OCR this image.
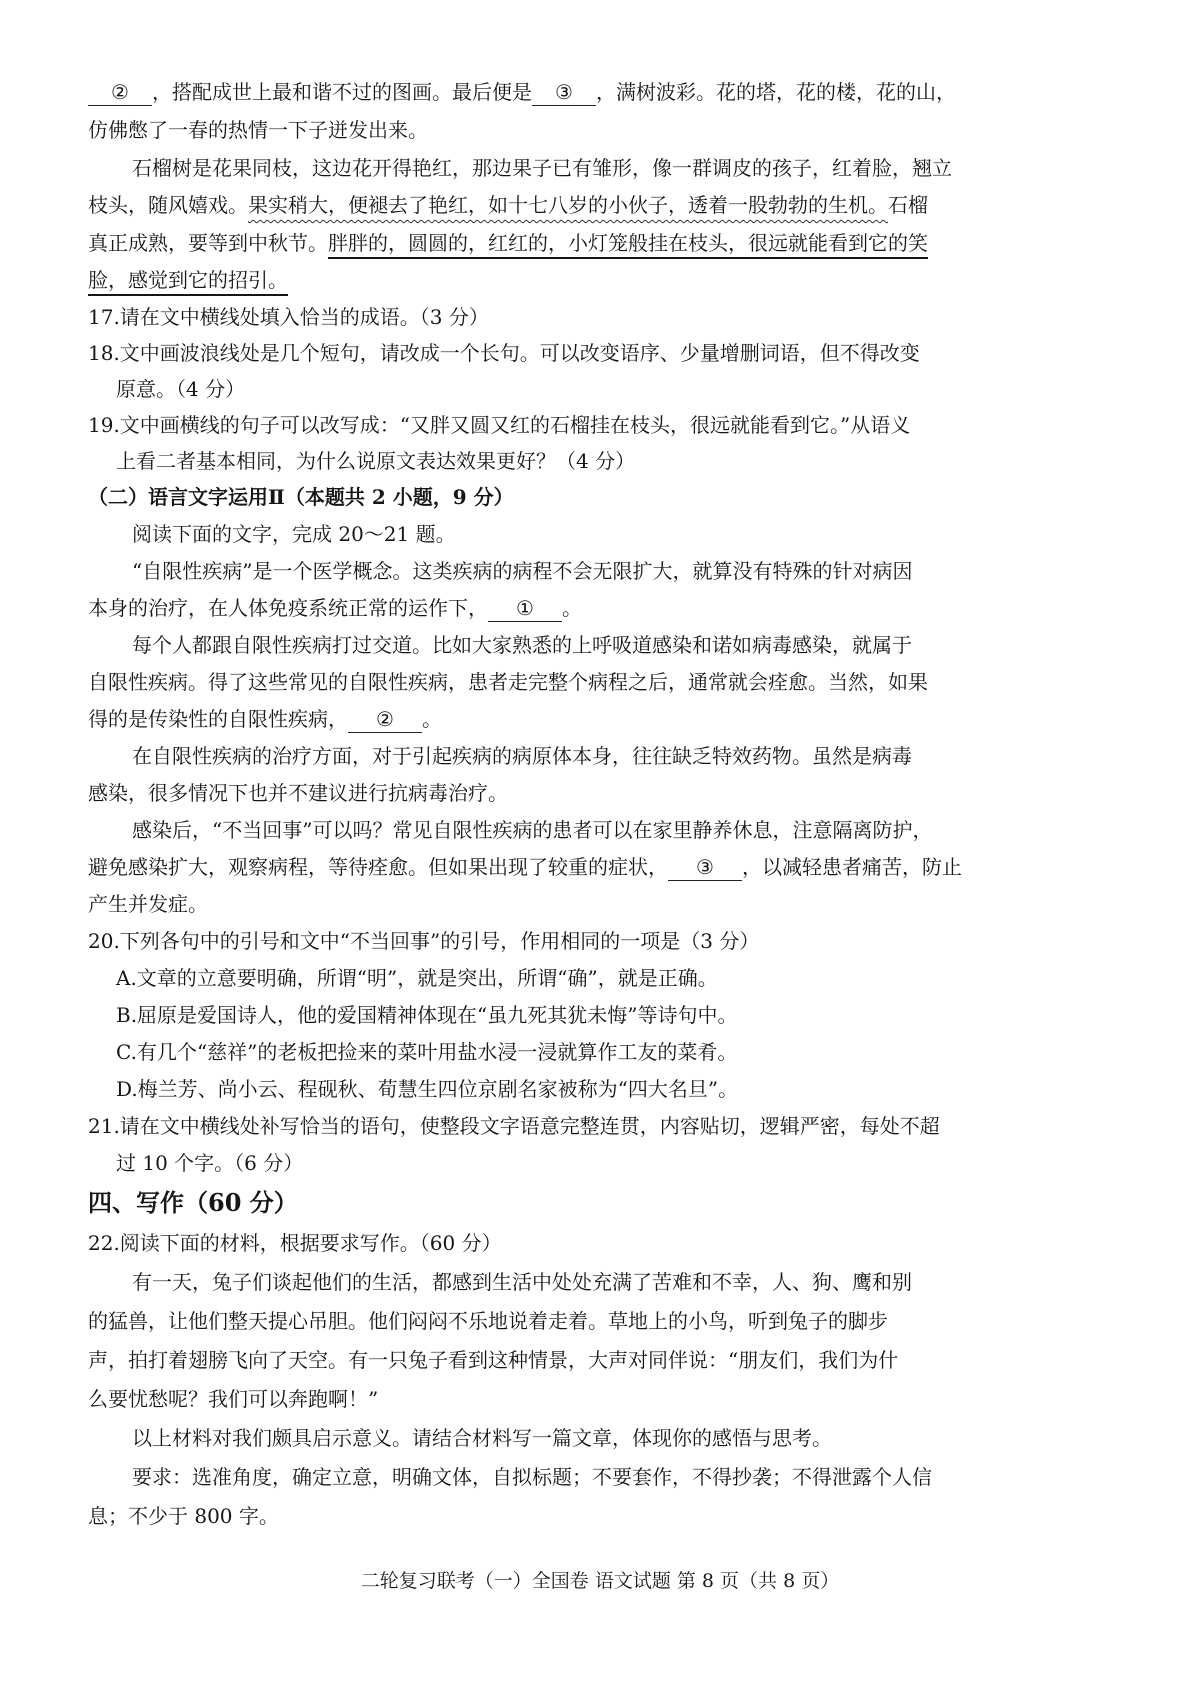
② ，搭配成世上最和谐不过的图画。最后便是 ③ ，满树波彩。花的塔，花的楼，花的山，
仿佛憋了一春的热情一下子迸发出来。
石榴树是花果同枝，这边花开得艳红，那边果子已有雏形，像一群调皮的孩子，红着脸，翘立
枝头，随风嬉戏。果实稍大，便褪去了艳红，如十七八岁的小伙子，透着一股勃勃的生机。石榴
真正成熟，要等到中秋节。胖胖的，圆圆的，红红的，小灯笼般挂在枝头，很远就能看到它的笑
脸，感觉到它的招引。
17.请在文中横线处填入恰当的成语。（3 分）
18.文中画波浪线处是几个短句，请改成一个长句。可以改变语序、少量增删词语，但不得改变
原意。（4 分）
19.文中画横线的句子可以改写成：“又胖又圆又红的石榴挂在枝头，很远就能看到它。”从语义
上看二者基本相同，为什么说原文表达效果更好？（4 分）
（二）语言文字运用Ⅱ（本题共 2 小题，9 分）
阅读下面的文字，完成 20～21 题。
“自限性疾病”是一个医学概念。这类疾病的病程不会无限扩大，就算没有特殊的针对病因
本身的治疗，在人体免疫系统正常的运作下， ① 。
每个人都跟自限性疾病打过交道。比如大家熟悉的上呼吸道感染和诺如病毒感染，就属于
自限性疾病。得了这些常见的自限性疾病，患者走完整个病程之后，通常就会痊愈。当然，如果
得的是传染性的自限性疾病， ② 。
在自限性疾病的治疗方面，对于引起疾病的病原体本身，往往缺乏特效药物。虽然是病毒
感染，很多情况下也并不建议进行抗病毒治疗。
感染后，“不当回事”可以吗？常见自限性疾病的患者可以在家里静养休息，注意隔离防护，
避免感染扩大，观察病程，等待痊愈。但如果出现了较重的症状， ③ ，以减轻患者痛苦，防止
产生并发症。
20.下列各句中的引号和文中“不当回事”的引号，作用相同的一项是（3 分）
A.文章的立意要明确，所谓“明”，就是突出，所谓“确”，就是正确。
B.屈原是爱国诗人，他的爱国精神体现在“虽九死其犹未悔”等诗句中。
C.有几个“慈祥”的老板把捡来的菜叶用盐水浸一浸就算作工友的菜肴。
D.梅兰芳、尚小云、程砚秋、荀慧生四位京剧名家被称为“四大名旦”。
21.请在文中横线处补写恰当的语句，使整段文字语意完整连贯，内容贴切，逻辑严密，每处不超
过 10 个字。（6 分）
四、写作（60 分）
22.阅读下面的材料，根据要求写作。（60 分）
有一天，兔子们谈起他们的生活，都感到生活中处处充满了苦难和不幸，人、狗、鹰和别
的猛兽，让他们整天提心吊胆。他们闷闷不乐地说着走着。草地上的小鸟，听到兔子的脚步
声，拍打着翅膀飞向了天空。有一只兔子看到这种情景，大声对同伴说：“朋友们，我们为什
么要忧愁呢？我们可以奔跑啊！”
以上材料对我们颇具启示意义。请结合材料写一篇文章，体现你的感悟与思考。
要求：选准角度，确定立意，明确文体，自拟标题；不要套作，不得抄袭；不得泄露个人信
息；不少于 800 字。
二轮复习联考（一）全国卷 语文试题 第 8 页（共 8 页）
